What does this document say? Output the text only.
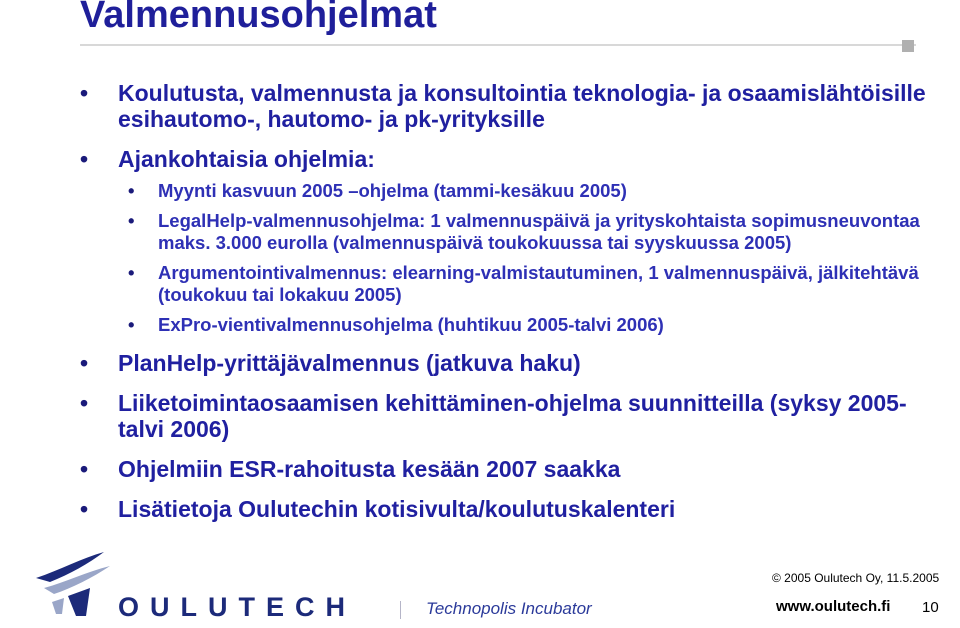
Valmennusohjelmat
• Koulutusta, valmennusta ja konsultointia teknologia- ja osaamislähtöisille esihautomo-, hautomo- ja pk-yrityksille
• Ajankohtaisia ohjelmia:
• Myynti kasvuun 2005 –ohjelma (tammi-kesäkuu 2005)
• LegalHelp-valmennusohjelma: 1 valmennuspäivä ja yrityskohtaista sopimusneuvontaa maks. 3.000 eurolla (valmennuspäivä toukokuussa tai syyskuussa 2005)
• Argumentointivalmennus: elearning-valmistautuminen, 1 valmennuspäivä, jälkitehtävä (toukokuu tai lokakuu 2005)
• ExPro-vientivalmennusohjelma (huhtikuu 2005-talvi 2006)
• PlanHelp-yrittäjävalmennus (jatkuva haku)
• Liiketoimintaosaamisen kehittäminen-ohjelma suunnitteilla (syksy 2005-talvi 2006)
• Ohjelmiin ESR-rahoitusta kesään 2007 saakka
• Lisätietoja Oulutechin kotisivulta/koulutuskalenteri
OULUTECH	Technopolis Incubator
© 2005 Oulutech Oy, 11.5.2005
www.oulutech.fi 10
